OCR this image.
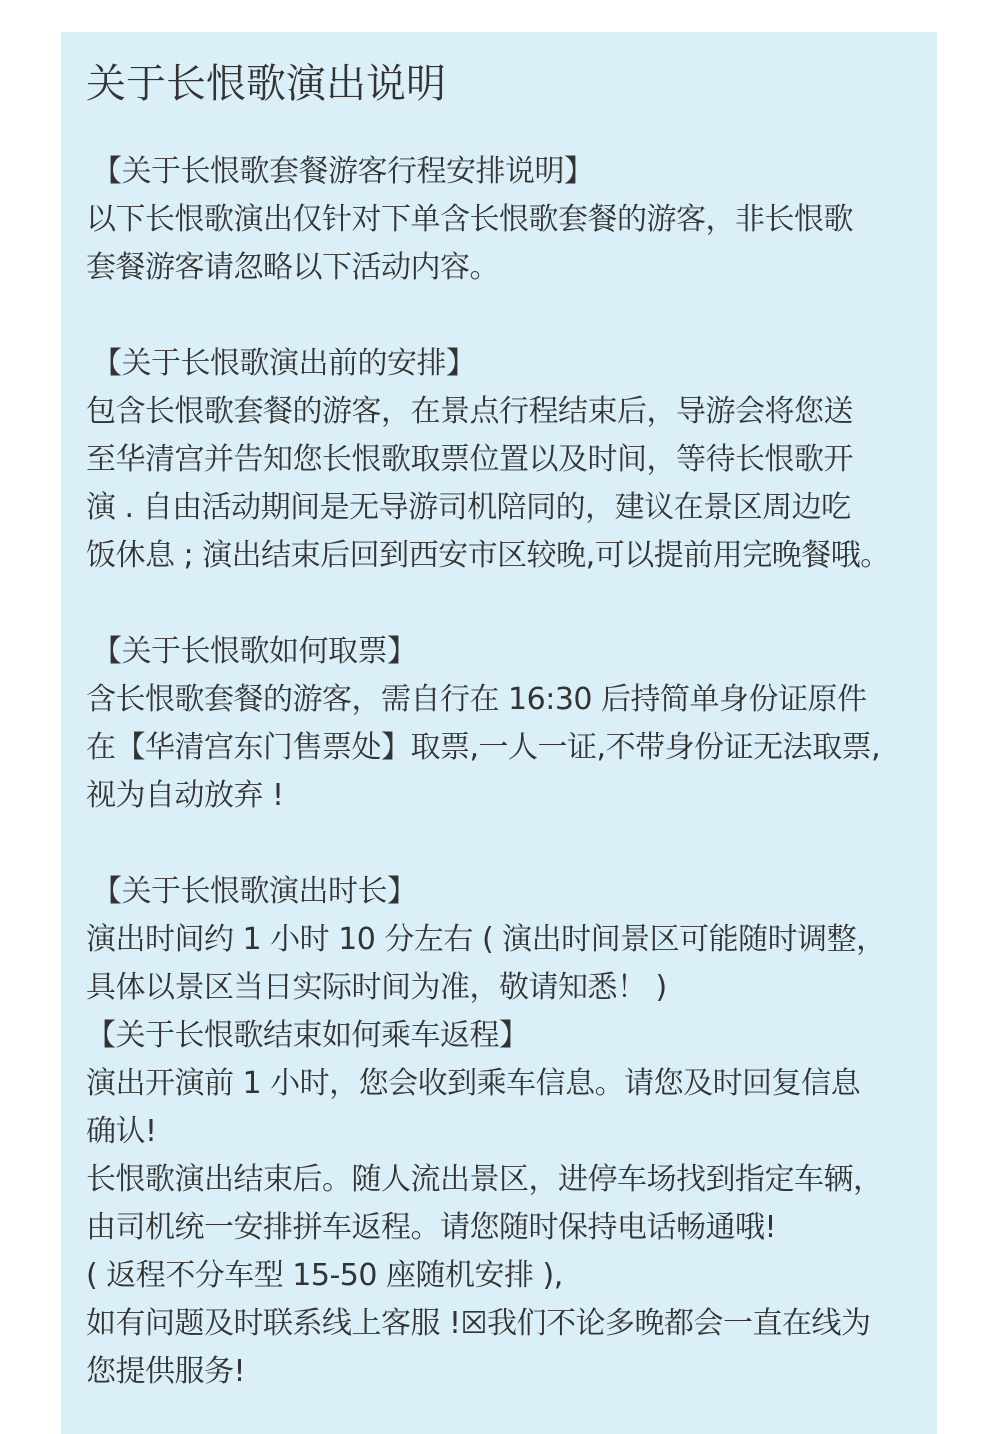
关于长恨歌演出说明
【关于长恨歌套餐游客行程安排说明】
以下长恨歌演出仅针对下单含长恨歌套餐的游客，非长恨歌
套餐游客请忽略以下活动内容。
【关于长恨歌演出前的安排】
包含长恨歌套餐的游客，在景点行程结束后，导游会将您送
至华清宫并告知您长恨歌取票位置以及时间，等待长恨歌开
演 . 自由活动期间是无导游司机陪同的，建议在景区周边吃
饭休息 ; 演出结束后回到西安市区较晚,可以提前用完晚餐哦。
【关于长恨歌如何取票】
含长恨歌套餐的游客，需自行在 16:30 后持简单身份证原件
在【华清宫东门售票处】取票,一人一证,不带身份证无法取票,
视为自动放弃 !
【关于长恨歌演出时长】
演出时间约 1 小时 10 分左右 ( 演出时间景区可能随时调整，
具体以景区当日实际时间为准，敬请知悉！ )
【关于长恨歌结束如何乘车返程】
演出开演前 1 小时，您会收到乘车信息。请您及时回复信息
确认!
长恨歌演出结束后。随人流出景区，进停车场找到指定车辆，
由司机统一安排拼车返程。请您随时保持电话畅通哦!
( 返程不分车型 15-50 座随机安排 ),
如有问题及时联系线上客服 !☒我们不论多晚都会一直在线为
您提供服务!
